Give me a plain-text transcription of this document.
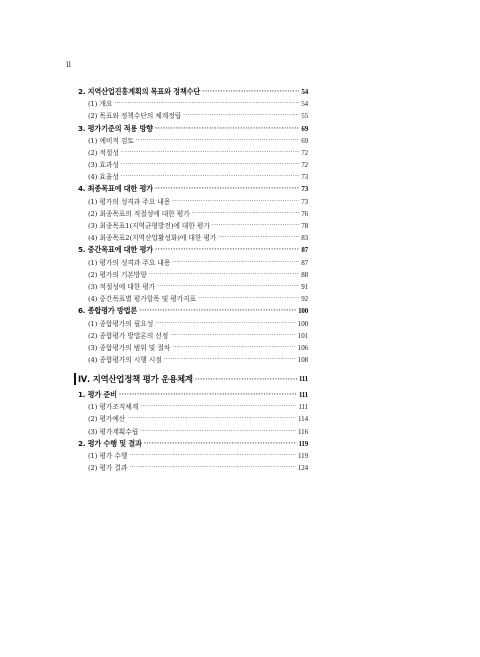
ii
2. 지역산업진흥계획의 목표와 정책수단 ·····	54
(1) 개요 ·····	54
(2) 목표와 정책수단의 체계정립 ·····	55
3. 평가기준의 적용 방향 ·····	69
(1) 예비적 검토 ·····	69
(2) 적절성 ·····	72
(3) 효과성 ·····	72
(4) 효율성 ·····	73
4. 최종목표에 대한 평가 ·····	73
(1) 평가의 성격과 주요 내용 ·····	73
(2) 최종목표의 적절성에 대한 평가 ·····	76
(3) 최종목표1(지역균형발전)에 대한 평가 ·····	78
(4) 최종목표2(지역산업활성화)에 대한 평가 ·····	83
5. 중간목표에 대한 평가 ·····	87
(1) 평가의 성격과 주요 내용 ·····	87
(2) 평가의 기본방향 ·····	88
(3) 적절성에 대한 평가 ·····	91
(4) 중간목표별 평가항목 및 평가지표 ·····	92
6. 종합평가 방법론 ·····	100
(1) 종합평가의 필요성 ·····	100
(2) 종합평가 방법론의 선정 ·····	101
(3) 종합평가의 범위 및 절차 ·····	106
(4) 종합평가의 시행 시점 ·····	108
Ⅳ. 지역산업정책 평가 운용체계 ·····	111
1. 평가 준비 ·····	111
(1) 평가조직체계 ·····	111
(2) 평가예산 ·····	114
(3) 평가계획수립 ·····	116
2. 평가 수행 및 결과 ·····	119
(1) 평가 수행 ·····	119
(2) 평가 결과 ·····	124
